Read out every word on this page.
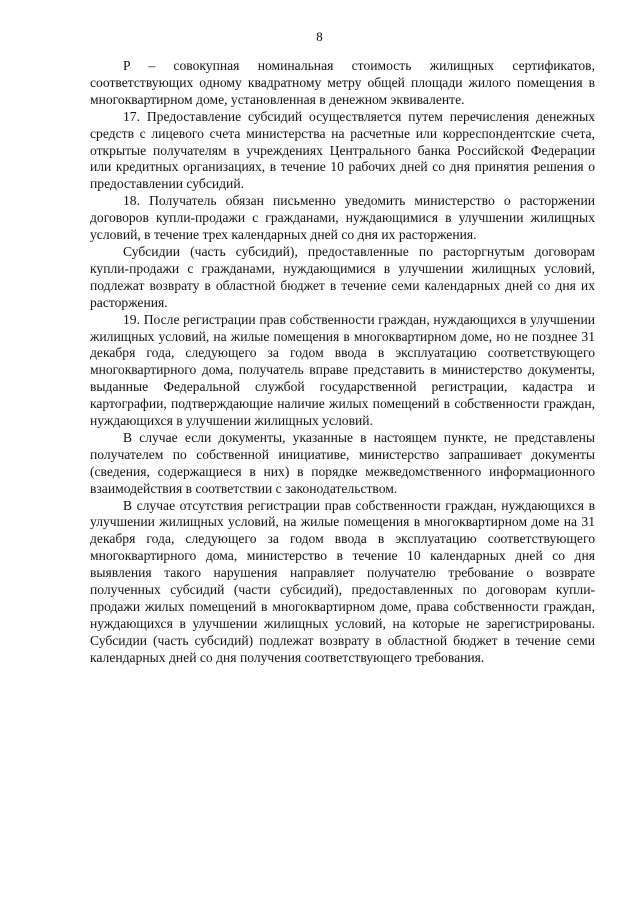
8

P – совокупная номинальная стоимость жилищных сертификатов, соответствующих одному квадратному метру общей площади жилого помещения в многоквартирном доме, установленная в денежном эквиваленте.

17. Предоставление субсидий осуществляется путем перечисления денежных средств с лицевого счета министерства на расчетные или корреспондентские счета, открытые получателям в учреждениях Центрального банка Российской Федерации или кредитных организациях, в течение 10 рабочих дней со дня принятия решения о предоставлении субсидий.

18. Получатель обязан письменно уведомить министерство о расторжении договоров купли-продажи с гражданами, нуждающимися в улучшении жилищных условий, в течение трех календарных дней со дня их расторжения.

Субсидии (часть субсидий), предоставленные по расторгнутым договорам купли-продажи с гражданами, нуждающимися в улучшении жилищных условий, подлежат возврату в областной бюджет в течение семи календарных дней со дня их расторжения.

19. После регистрации прав собственности граждан, нуждающихся в улучшении жилищных условий, на жилые помещения в многоквартирном доме, но не позднее 31 декабря года, следующего за годом ввода в эксплуатацию соответствующего многоквартирного дома, получатель вправе представить в министерство документы, выданные Федеральной службой государственной регистрации, кадастра и картографии, подтверждающие наличие жилых помещений в собственности граждан, нуждающихся в улучшении жилищных условий.

В случае если документы, указанные в настоящем пункте, не представлены получателем по собственной инициативе, министерство запрашивает документы (сведения, содержащиеся в них) в порядке межведомственного информационного взаимодействия в соответствии с законодательством.

В случае отсутствия регистрации прав собственности граждан, нуждающихся в улучшении жилищных условий, на жилые помещения в многоквартирном доме на 31 декабря года, следующего за годом ввода в эксплуатацию соответствующего многоквартирного дома, министерство в течение 10 календарных дней со дня выявления такого нарушения направляет получателю требование о возврате полученных субсидий (части субсидий), предоставленных по договорам купли-продажи жилых помещений в многоквартирном доме, права собственности граждан, нуждающихся в улучшении жилищных условий, на которые не зарегистрированы. Субсидии (часть субсидий) подлежат возврату в областной бюджет в течение семи календарных дней со дня получения соответствующего требования.
